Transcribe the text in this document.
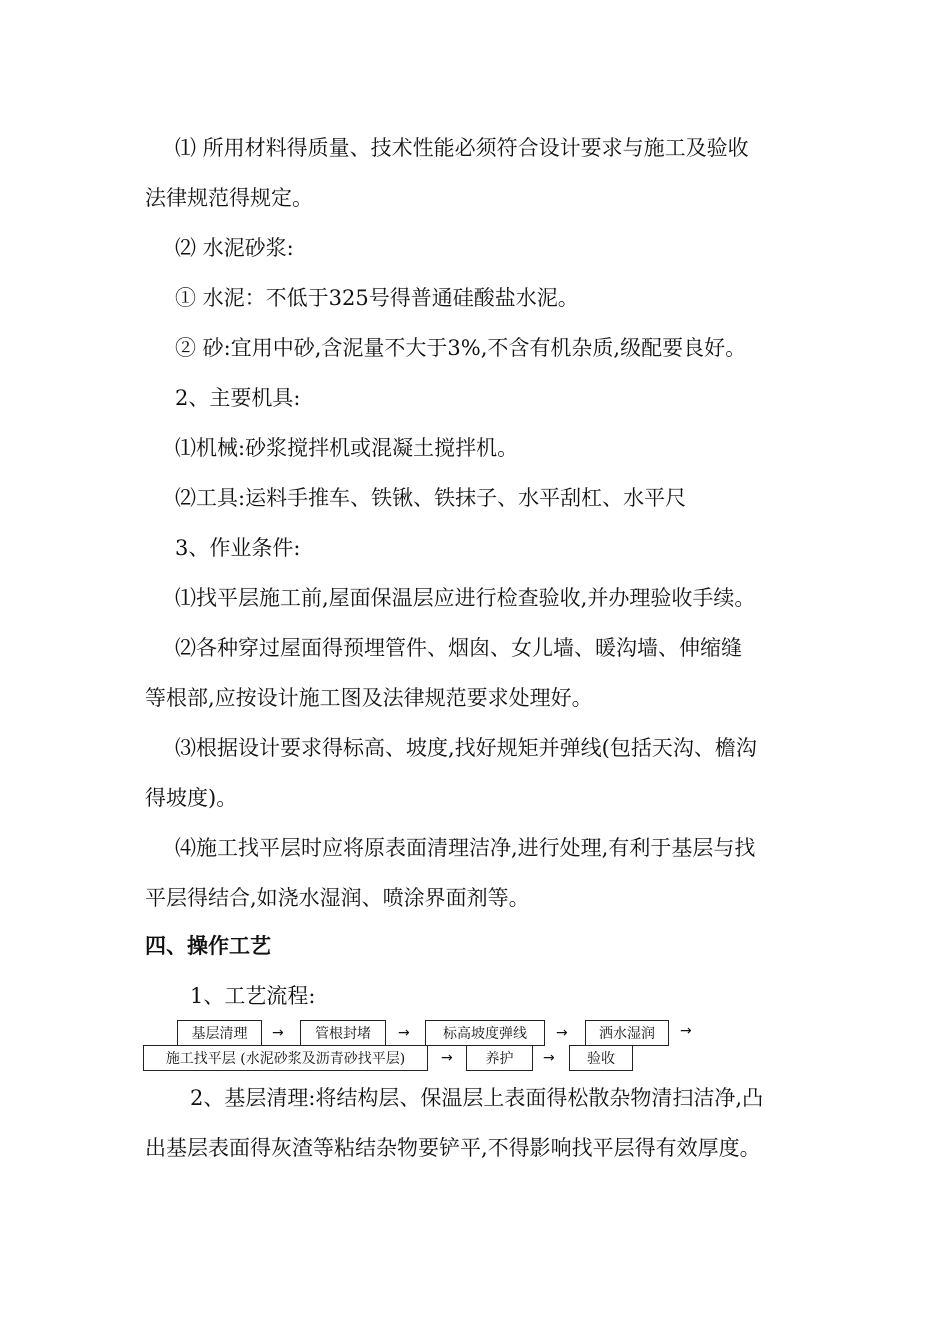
⑴ 所用材料得质量、技术性能必须符合设计要求与施工及验收
法律规范得规定。
⑵ 水泥砂浆:
① 水泥：不低于325号得普通硅酸盐水泥。
② 砂:宜用中砂,含泥量不大于3%,不含有机杂质,级配要良好。
2、主要机具:
⑴机械:砂浆搅拌机或混凝土搅拌机。
⑵工具:运料手推车、铁锹、铁抹子、水平刮杠、水平尺
3、作业条件:
⑴找平层施工前,屋面保温层应进行检查验收,并办理验收手续。
⑵各种穿过屋面得预埋管件、烟囱、女儿墙、暖沟墙、伸缩缝
等根部,应按设计施工图及法律规范要求处理好。
⑶根据设计要求得标高、坡度,找好规矩并弹线(包括天沟、檐沟
得坡度)。
⑷施工找平层时应将原表面清理洁净,进行处理,有利于基层与找
平层得结合,如浇水湿润、喷涂界面剂等。
四、操作工艺
1、工艺流程:
基层清理	→	管根封堵	→	标高坡度弹线	→	洒水湿润	→
施工找平层 (水泥砂浆及沥青砂找平层)	→	养护	→	验收
2、基层清理:将结构层、保温层上表面得松散杂物清扫洁净,凸
出基层表面得灰渣等粘结杂物要铲平,不得影响找平层得有效厚度。
